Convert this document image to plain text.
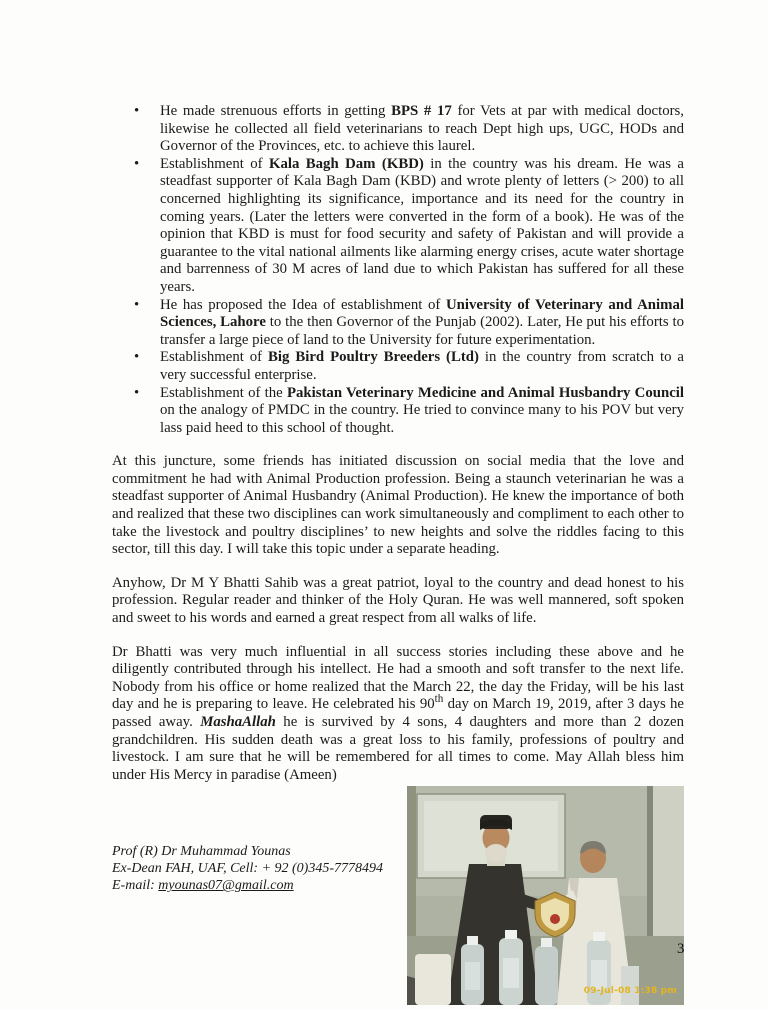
• He made strenuous efforts in getting BPS # 17 for Vets at par with medical doctors, likewise he collected all field veterinarians to reach Dept high ups, UGC, HODs and Governor of the Provinces, etc. to achieve this laurel.
• Establishment of Kala Bagh Dam (KBD) in the country was his dream. He was a steadfast supporter of Kala Bagh Dam (KBD) and wrote plenty of letters (> 200) to all concerned highlighting its significance, importance and its need for the country in coming years. (Later the letters were converted in the form of a book). He was of the opinion that KBD is must for food security and safety of Pakistan and will provide a guarantee to the vital national ailments like alarming energy crises, acute water shortage and barrenness of 30 M acres of land due to which Pakistan has suffered for all these years.
• He has proposed the Idea of establishment of University of Veterinary and Animal Sciences, Lahore to the then Governor of the Punjab (2002). Later, He put his efforts to transfer a large piece of land to the University for future experimentation.
• Establishment of Big Bird Poultry Breeders (Ltd) in the country from scratch to a very successful enterprise.
• Establishment of the Pakistan Veterinary Medicine and Animal Husbandry Council on the analogy of PMDC in the country. He tried to convince many to his POV but very lass paid heed to this school of thought.

At this juncture, some friends has initiated discussion on social media that the love and commitment he had with Animal Production profession. Being a staunch veterinarian he was a steadfast supporter of Animal Husbandry (Animal Production). He knew the importance of both and realized that these two disciplines can work simultaneously and compliment to each other to take the livestock and poultry disciplines’ to new heights and solve the riddles facing to this sector, till this day. I will take this topic under a separate heading.

Anyhow, Dr M Y Bhatti Sahib was a great patriot, loyal to the country and dead honest to his profession. Regular reader and thinker of the Holy Quran. He was well mannered, soft spoken and sweet to his words and earned a great respect from all walks of life.

Dr Bhatti was very much influential in all success stories including these above and he diligently contributed through his intellect. He had a smooth and soft transfer to the next life. Nobody from his office or home realized that the March 22, the day the Friday, will be his last day and he is preparing to leave. He celebrated his 90th day on March 19, 2019, after 3 days he passed away. MashaAllah he is survived by 4 sons, 4 daughters and more than 2 dozen grandchildren. His sudden death was a great loss to his family, professions of poultry and livestock. I am sure that he will be remembered for all times to come. May Allah bless him under His Mercy in paradise (Ameen)

Prof (R) Dr Muhammad Younas
Ex-Dean FAH, UAF, Cell: + 92 (0)345-7778494
E-mail: myounas07@gmail.com
09-Jul-08 1:38 pm
3
